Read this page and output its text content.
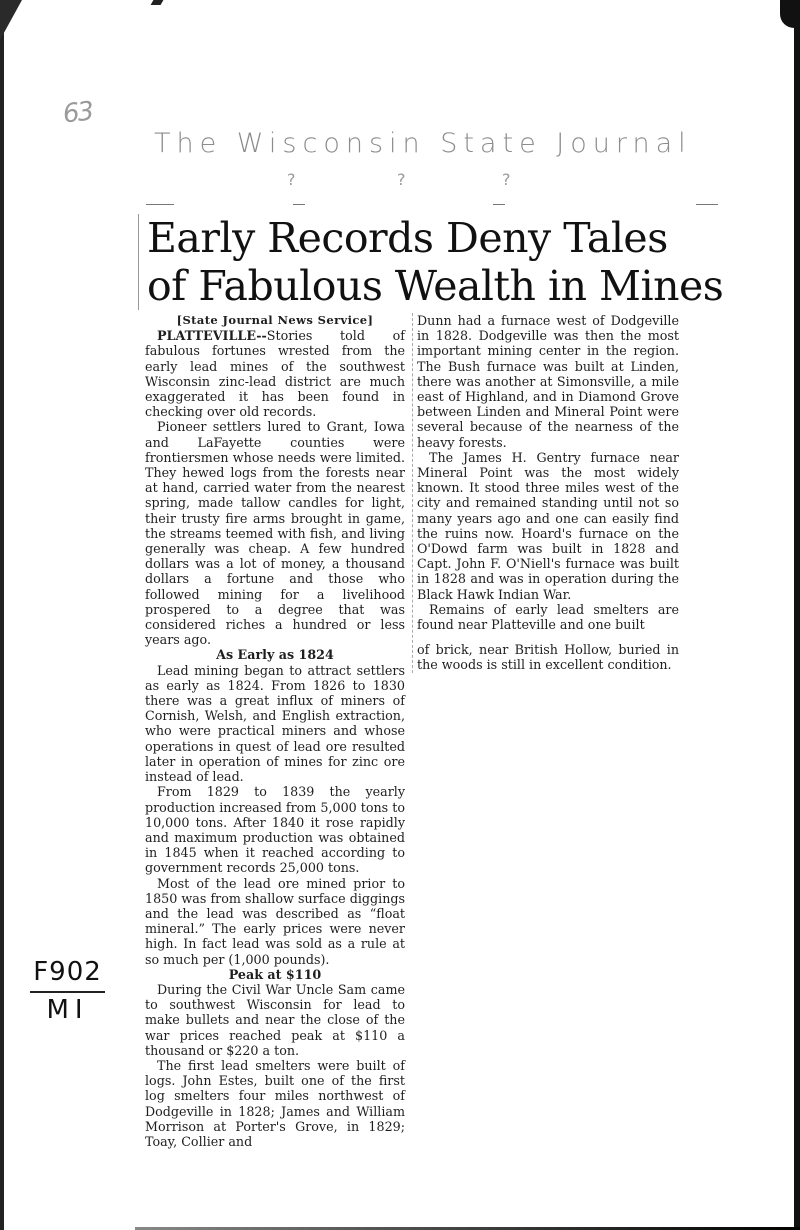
63
The Wisconsin State Journal
?	?	?
Early Records Deny Tales
of Fabulous Wealth in Mines
[State Journal News Service]

PLATTEVILLE--Stories told of fabulous fortunes wrested from the early lead mines of the southwest Wisconsin zinc-lead district are much exaggerated it has been found in checking over old records.

Pioneer settlers lured to Grant, Iowa and LaFayette counties were frontiersmen whose needs were limited. They hewed logs from the forests near at hand, carried water from the nearest spring, made tallow candles for light, their trusty fire arms brought in game, the streams teemed with fish, and living generally was cheap. A few hundred dollars was a lot of money, a thousand dollars a fortune and those who followed mining for a livelihood prospered to a degree that was considered riches a hundred or less years ago.

As Early as 1824

Lead mining began to attract settlers as early as 1824. From 1826 to 1830 there was a great influx of miners of Cornish, Welsh, and English extraction, who were practical miners and whose operations in quest of lead ore resulted later in operation of mines for zinc ore instead of lead.

From 1829 to 1839 the yearly production increased from 5,000 tons to 10,000 tons. After 1840 it rose rapidly and maximum production was obtained in 1845 when it reached according to government records 25,000 tons.

Most of the lead ore mined prior to 1850 was from shallow surface diggings and the lead was described as “float mineral.” The early prices were never high. In fact lead was sold as a rule at so much per (1,000 pounds).

Peak at $110

During the Civil War Uncle Sam came to southwest Wisconsin for lead to make bullets and near the close of the war prices reached peak at $110 a thousand or $220 a ton.

The first lead smelters were built of logs. John Estes, built one of the first log smelters four miles northwest of Dodgeville in 1828; James and William Morrison at Porter's Grove, in 1829; Toay, Collier and

Dunn had a furnace west of Dodgeville in 1828. Dodgeville was then the most important mining center in the region. The Bush furnace was built at Linden, there was another at Simonsville, a mile east of Highland, and in Diamond Grove between Linden and Mineral Point were several because of the nearness of the heavy forests.

The James H. Gentry furnace near Mineral Point was the most widely known. It stood three miles west of the city and remained standing until not so many years ago and one can easily find the ruins now. Hoard's furnace on the O'Dowd farm was built in 1828 and Capt. John F. O'Niell's furnace was built in 1828 and was in operation during the Black Hawk Indian War.

Remains of early lead smelters are found near Platteville and one built

of brick, near British Hollow, buried in the woods is still in excellent condition.

F902
MI
